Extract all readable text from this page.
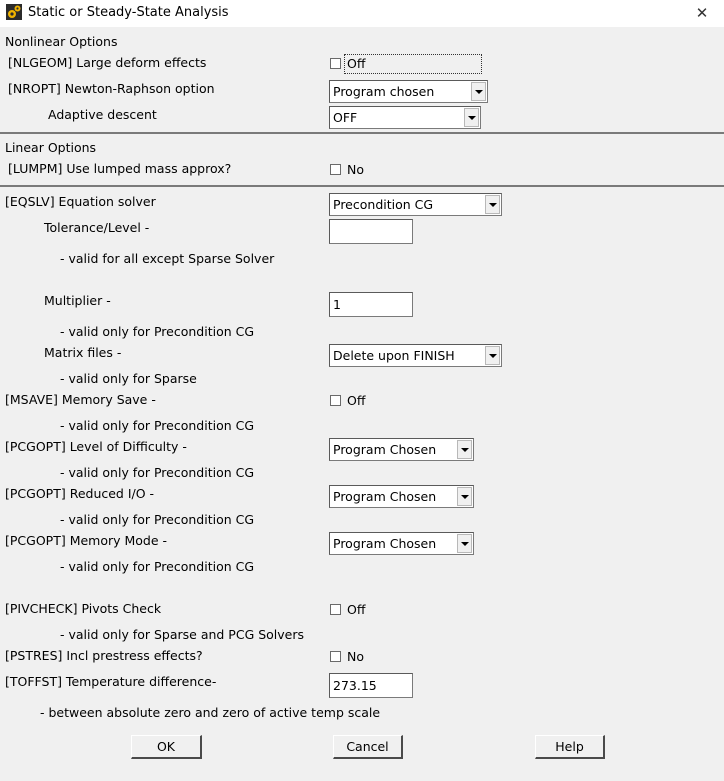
Static or Steady-State Analysis	✕
Nonlinear Options
[NLGEOM] Large deform effects	Off
[NROPT] Newton-Raphson option	Program chosen
Adaptive descent	OFF
Linear Options
[LUMPM] Use lumped mass approx?	No
[EQSLV] Equation solver	Precondition CG
Tolerance/Level -
- valid for all except Sparse Solver
Multiplier -	1
- valid only for Precondition CG
Matrix files -	Delete upon FINISH
- valid only for Sparse
[MSAVE] Memory Save -	Off
- valid only for Precondition CG
[PCGOPT] Level of Difficulty -	Program Chosen
- valid only for Precondition CG
[PCGOPT] Reduced I/O -	Program Chosen
- valid only for Precondition CG
[PCGOPT] Memory Mode -	Program Chosen
- valid only for Precondition CG
[PIVCHECK] Pivots Check	Off
- valid only for Sparse and PCG Solvers
[PSTRES] Incl prestress effects?	No
[TOFFST] Temperature difference-	273.15
- between absolute zero and zero of active temp scale
OK	Cancel	Help
